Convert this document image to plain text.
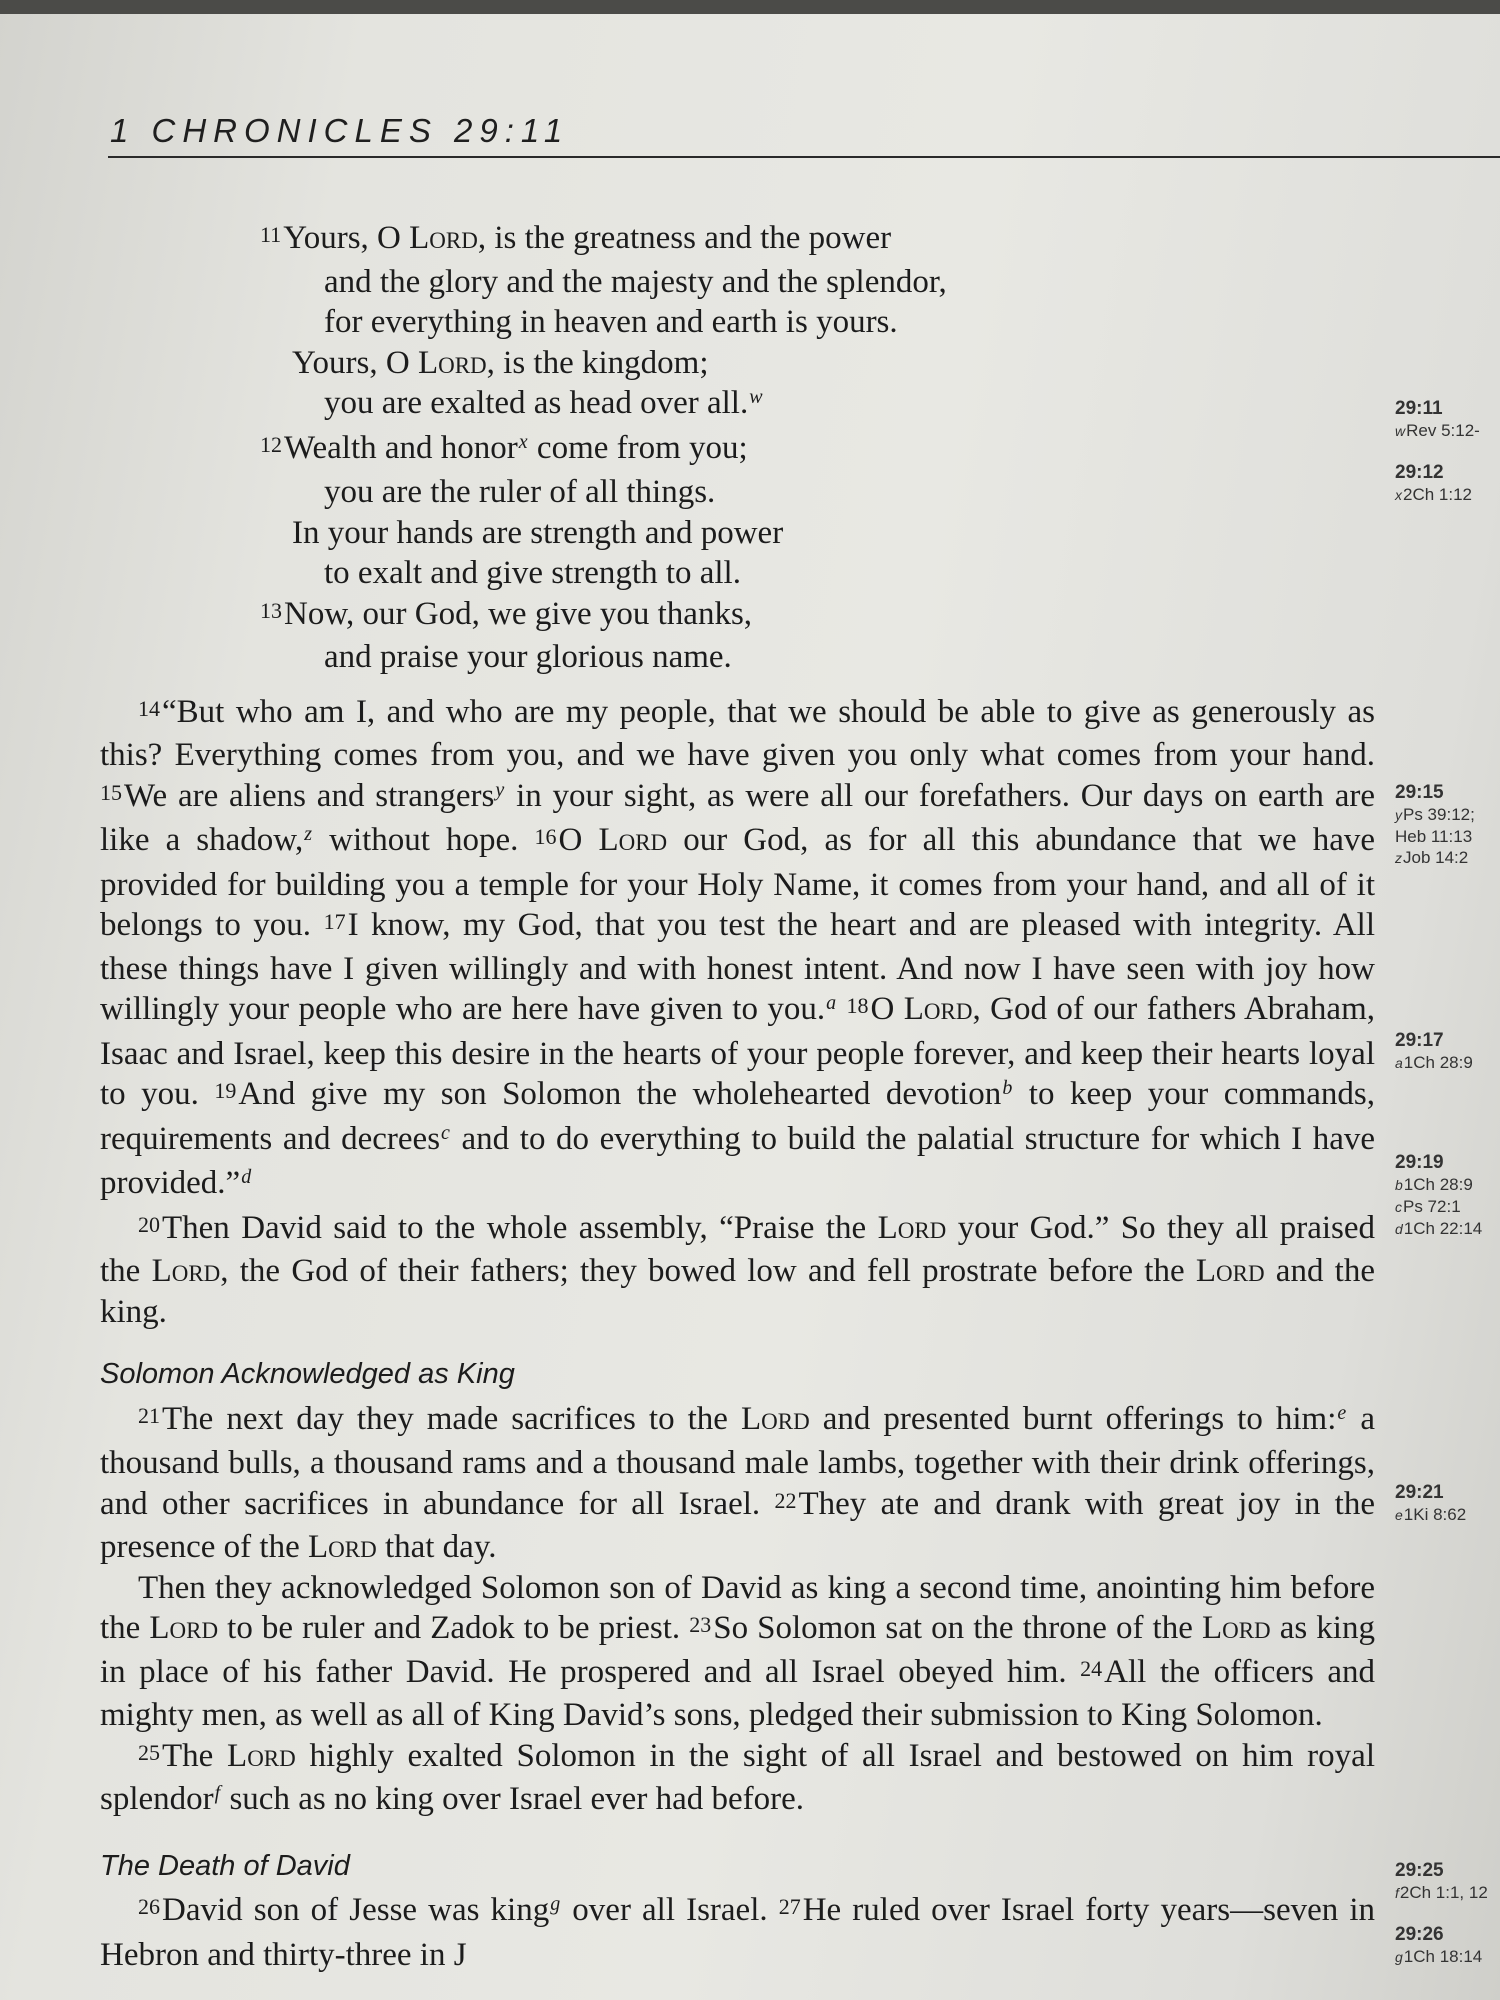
1 CHRONICLES 29:11
11Yours, O Lord, is the greatness and the power
and the glory and the majesty and the splendor,
for everything in heaven and earth is yours.
Yours, O Lord, is the kingdom;
you are exalted as head over all.$^w$
12Wealth and honor$^x$ come from you;
you are the ruler of all things.
In your hands are strength and power
to exalt and give strength to all.
13Now, our God, we give you thanks,
and praise your glorious name.

14“But who am I, and who are my people, that we should be able to give as generously as this? Everything comes from you, and we have given you only what comes from your hand. 15We are aliens and strangers$^y$ in your sight, as were all our forefathers. Our days on earth are like a shadow,$^z$ without hope. 16O Lord our God, as for all this abundance that we have provided for building you a temple for your Holy Name, it comes from your hand, and all of it belongs to you. 17I know, my God, that you test the heart and are pleased with integrity. All these things have I given willingly and with honest intent. And now I have seen with joy how willingly your people who are here have given to you.$^a$ 18O Lord, God of our fathers Abraham, Isaac and Israel, keep this desire in the hearts of your people forever, and keep their hearts loyal to you. 19And give my son Solomon the wholehearted devotion$^b$ to keep your commands, requirements and decrees$^c$ and to do everything to build the palatial structure for which I have provided.”$^d$

20Then David said to the whole assembly, “Praise the Lord your God.” So they all praised the Lord, the God of their fathers; they bowed low and fell prostrate before the Lord and the king.

Solomon Acknowledged as King

21The next day they made sacrifices to the Lord and presented burnt offerings to him:$^e$ a thousand bulls, a thousand rams and a thousand male lambs, together with their drink offerings, and other sacrifices in abundance for all Israel. 22They ate and drank with great joy in the presence of the Lord that day.

Then they acknowledged Solomon son of David as king a second time, anointing him before the Lord to be ruler and Zadok to be priest. 23So Solomon sat on the throne of the Lord as king in place of his father David. He prospered and all Israel obeyed him. 24All the officers and mighty men, as well as all of King David’s sons, pledged their submission to King Solomon.

25The Lord highly exalted Solomon in the sight of all Israel and bestowed on him royal splendor$^f$ such as no king over Israel ever had before.

The Death of David

26David son of Jesse was king$^g$ over all Israel. 27He ruled over Israel forty years—seven in Hebron and thirty-three in J

29:11
wRev 5:12-
29:12
x2Ch 1:12
29:15
yPs 39:12;
Heb 11:13
zJob 14:2
29:17
a1Ch 28:9
29:19
b1Ch 28:9
cPs 72:1
d1Ch 22:14
29:21
e1Ki 8:62
29:25
f2Ch 1:1, 12
29:26
g1Ch 18:14
